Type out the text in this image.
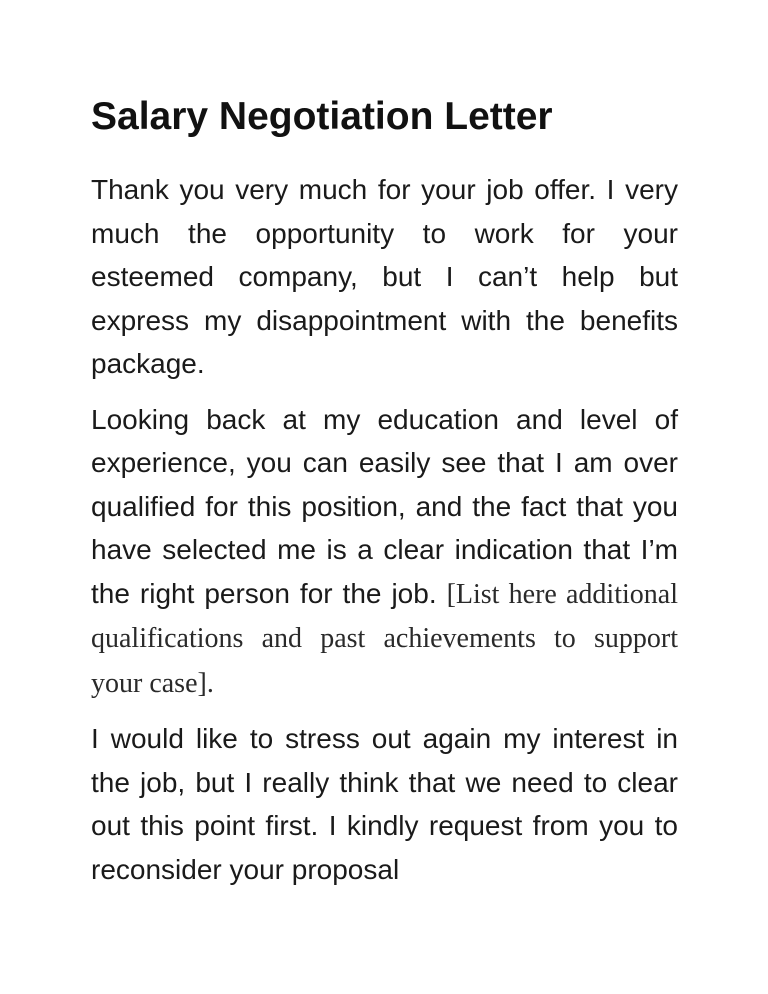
Salary Negotiation Letter

Thank you very much for your job offer. I very much the opportunity to work for your esteemed company, but I can’t help but express my disappointment with the benefits package.

Looking back at my education and level of experience, you can easily see that I am over qualified for this position, and the fact that you have selected me is a clear indication that I’m the right person for the job. [List here additional qualifications and past achievements to support your case].

I would like to stress out again my interest in the job, but I really think that we need to clear out this point first. I kindly request from you to reconsider your proposal
